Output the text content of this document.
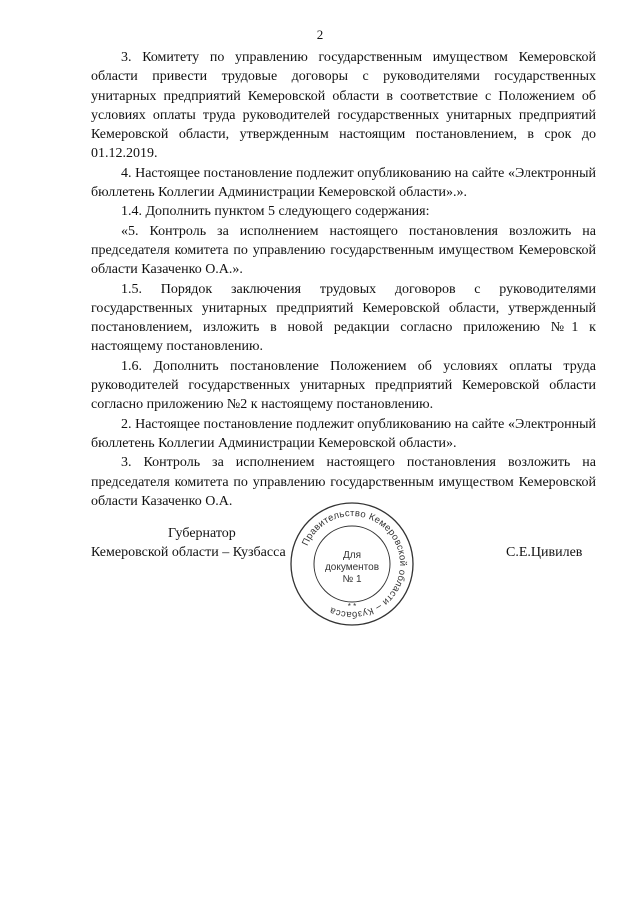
2

3. Комитету по управлению государственным имуществом Кемеровской области привести трудовые договоры с руководителями государственных унитарных предприятий Кемеровской области в соответствие с Положением об условиях оплаты труда руководителей государственных унитарных предприятий Кемеровской области, утвержденным настоящим постановлением, в срок до 01.12.2019.

4. Настоящее постановление подлежит опубликованию на сайте «Электронный бюллетень Коллегии Администрации Кемеровской области».».

1.4. Дополнить пунктом 5 следующего содержания:

«5. Контроль за исполнением настоящего постановления возложить на председателя комитета по управлению государственным имуществом Кемеровской области Казаченко О.А.».

1.5. Порядок заключения трудовых договоров с руководителями государственных унитарных предприятий Кемеровской области, утвержденный постановлением, изложить в новой редакции согласно приложению №1 к настоящему постановлению.

1.6. Дополнить постановление Положением об условиях оплаты труда руководителей государственных унитарных предприятий Кемеровской области согласно приложению №2 к настоящему постановлению.

2. Настоящее постановление подлежит опубликованию на сайте «Электронный бюллетень Коллегии Администрации Кемеровской области».

3. Контроль за исполнением настоящего постановления возложить на председателя комитета по управлению государственным имуществом Кемеровской области Казаченко О.А.

Губернатор
Кемеровской области – Кузбасса	С.Е.Цивилев
Правительство Кемеровской области – Кузбасса	* *
Для
документов
№ 1
